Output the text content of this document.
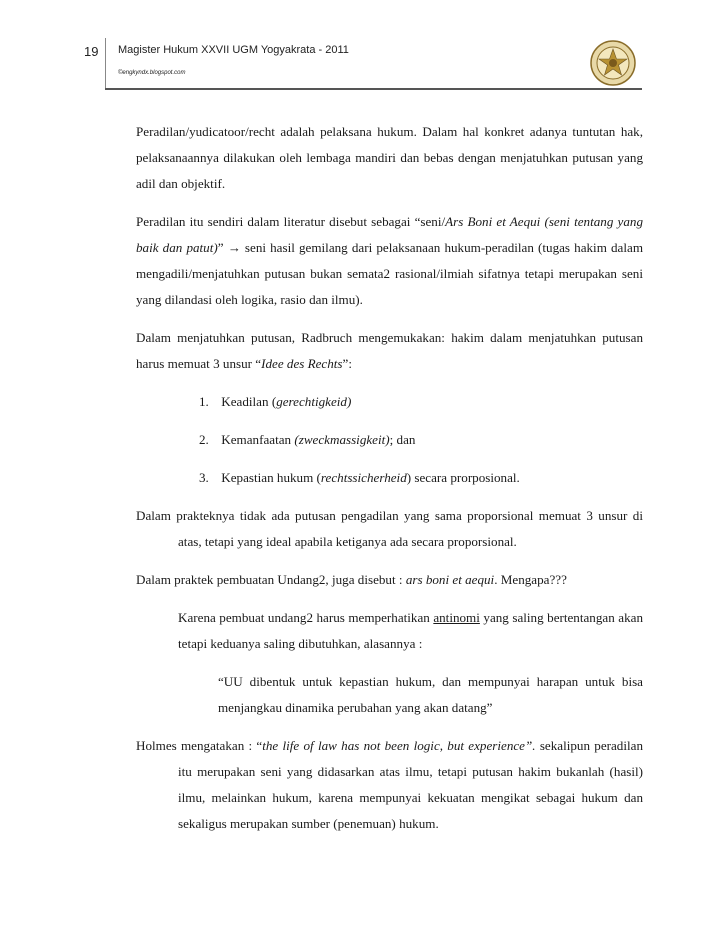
19 Magister Hukum XXVII UGM Yogyakrata - 2011
©engkyndx.blogspot.com

Peradilan/yudicatoor/recht adalah pelaksana hukum. Dalam hal konkret adanya tuntutan hak, pelaksanaannya dilakukan oleh lembaga mandiri dan bebas dengan menjatuhkan putusan yang adil dan objektif.

Peradilan itu sendiri dalam literatur disebut sebagai “seni/Ars Boni et Aequi (seni tentang yang baik dan patut)” → seni hasil gemilang dari pelaksanaan hukum-peradilan (tugas hakim dalam mengadili/menjatuhkan putusan bukan semata2 rasional/ilmiah sifatnya tetapi merupakan seni yang dilandasi oleh logika, rasio dan ilmu).

Dalam menjatuhkan putusan, Radbruch mengemukakan: hakim dalam menjatuhkan putusan harus memuat 3 unsur “Idee des Rechts”:

1. Keadilan (gerechtigkeid)

2. Kemanfaatan (zweckmassigkeit); dan

3. Kepastian hukum (rechtssicherheid) secara prorposional.

Dalam prakteknya tidak ada putusan pengadilan yang sama proporsional memuat 3 unsur di atas, tetapi yang ideal apabila ketiganya ada secara proporsional.

Dalam praktek pembuatan Undang2, juga disebut : ars boni et aequi. Mengapa???

Karena pembuat undang2 harus memperhatikan antinomi yang saling bertentangan akan tetapi keduanya saling dibutuhkan, alasannya :

“UU dibentuk untuk kepastian hukum, dan mempunyai harapan untuk bisa menjangkau dinamika perubahan yang akan datang”

Holmes mengatakan : “the life of law has not been logic, but experience”. sekalipun peradilan itu merupakan seni yang didasarkan atas ilmu, tetapi putusan hakim bukanlah (hasil) ilmu, melainkan hukum, karena mempunyai kekuatan mengikat sebagai hukum dan sekaligus merupakan sumber (penemuan) hukum.
